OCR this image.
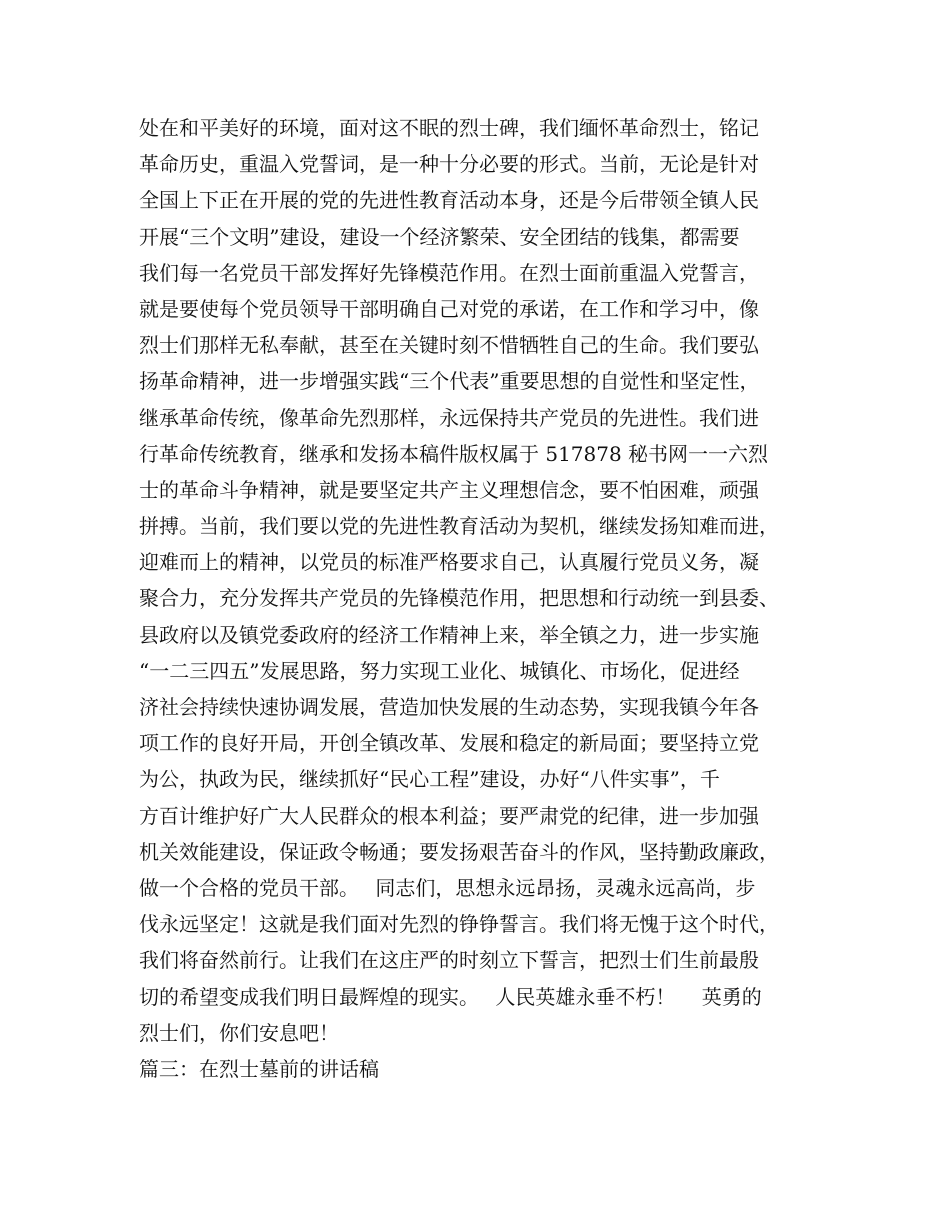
处在和平美好的环境，面对这不眠的烈士碑，我们缅怀革命烈士，铭记
革命历史，重温入党誓词，是一种十分必要的形式。当前，无论是针对
全国上下正在开展的党的先进性教育活动本身，还是今后带领全镇人民
开展“三个文明”建设，建设一个经济繁荣、安全团结的钱集，都需要
我们每一名党员干部发挥好先锋模范作用。在烈士面前重温入党誓言，
就是要使每个党员领导干部明确自己对党的承诺，在工作和学习中，像
烈士们那样无私奉献，甚至在关键时刻不惜牺牲自己的生命。我们要弘
扬革命精神，进一步增强实践“三个代表”重要思想的自觉性和坚定性，
继承革命传统，像革命先烈那样，永远保持共产党员的先进性。我们进
行革命传统教育，继承和发扬本稿件版权属于 517878 秘书网一一六烈
士的革命斗争精神，就是要坚定共产主义理想信念，要不怕困难，顽强
拼搏。当前，我们要以党的先进性教育活动为契机，继续发扬知难而进，
迎难而上的精神，以党员的标准严格要求自己，认真履行党员义务，凝
聚合力，充分发挥共产党员的先锋模范作用，把思想和行动统一到县委、
县政府以及镇党委政府的经济工作精神上来，举全镇之力，进一步实施
“一二三四五”发展思路，努力实现工业化、城镇化、市场化，促进经
济社会持续快速协调发展，营造加快发展的生动态势，实现我镇今年各
项工作的良好开局，开创全镇改革、发展和稳定的新局面；要坚持立党
为公，执政为民，继续抓好“民心工程”建设，办好“八件实事”，千
方百计维护好广大人民群众的根本利益；要严肃党的纪律，进一步加强
机关效能建设，保证政令畅通；要发扬艰苦奋斗的作风，坚持勤政廉政，
做一个合格的党员干部。　 同志们，思想永远昂扬，灵魂永远高尚，步
伐永远坚定！这就是我们面对先烈的铮铮誓言。我们将无愧于这个时代，
我们将奋然前行。让我们在这庄严的时刻立下誓言，把烈士们生前最殷
切的希望变成我们明日最辉煌的现实。　 人民英雄永垂不朽！　 英勇的
烈士们，你们安息吧！
篇三：在烈士墓前的讲话稿
